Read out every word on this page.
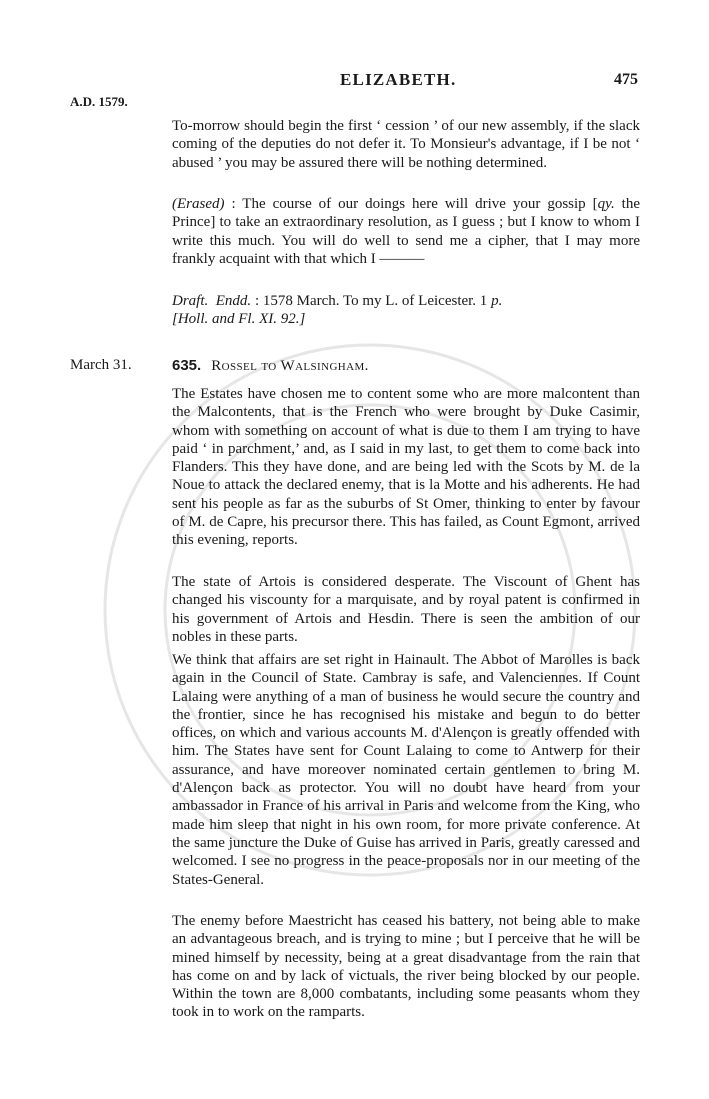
ELIZABETH.	475
A.D. 1579.

To-morrow should begin the first ‘ cession ’ of our new assembly, if the slack coming of the deputies do not defer it. To Monsieur's advantage, if I be not ‘ abused ’ you may be assured there will be nothing determined.

(Erased) : The course of our doings here will drive your gossip [qy. the Prince] to take an extraordinary resolution, as I guess ; but I know to whom I write this much. You will do well to send me a cipher, that I may more frankly acquaint with that which I ———

Draft. Endd. : 1578 March. To my L. of Leicester. 1 p.
[Holl. and Fl. XI. 92.]

March 31.	635. Rossel to Walsingham.

The Estates have chosen me to content some who are more malcontent than the Malcontents, that is the French who were brought by Duke Casimir, whom with something on account of what is due to them I am trying to have paid ‘ in parchment,’ and, as I said in my last, to get them to come back into Flanders. This they have done, and are being led with the Scots by M. de la Noue to attack the declared enemy, that is la Motte and his adherents. He had sent his people as far as the suburbs of St Omer, thinking to enter by favour of M. de Capre, his precursor there. This has failed, as Count Egmont, arrived this evening, reports.

The state of Artois is considered desperate. The Viscount of Ghent has changed his viscounty for a marquisate, and by royal patent is confirmed in his government of Artois and Hesdin. There is seen the ambition of our nobles in these parts.

We think that affairs are set right in Hainault. The Abbot of Marolles is back again in the Council of State. Cambray is safe, and Valenciennes. If Count Lalaing were anything of a man of business he would secure the country and the frontier, since he has recognised his mistake and begun to do better offices, on which and various accounts M. d'Alençon is greatly offended with him. The States have sent for Count Lalaing to come to Antwerp for their assurance, and have moreover nominated certain gentlemen to bring M. d'Alençon back as protector. You will no doubt have heard from your ambassador in France of his arrival in Paris and welcome from the King, who made him sleep that night in his own room, for more private conference. At the same juncture the Duke of Guise has arrived in Paris, greatly caressed and welcomed. I see no progress in the peace-proposals nor in our meeting of the States-General.

The enemy before Maestricht has ceased his battery, not being able to make an advantageous breach, and is trying to mine ; but I perceive that he will be mined himself by necessity, being at a great disadvantage from the rain that has come on and by lack of victuals, the river being blocked by our people. Within the town are 8,000 combatants, including some peasants whom they took in to work on the ramparts.
